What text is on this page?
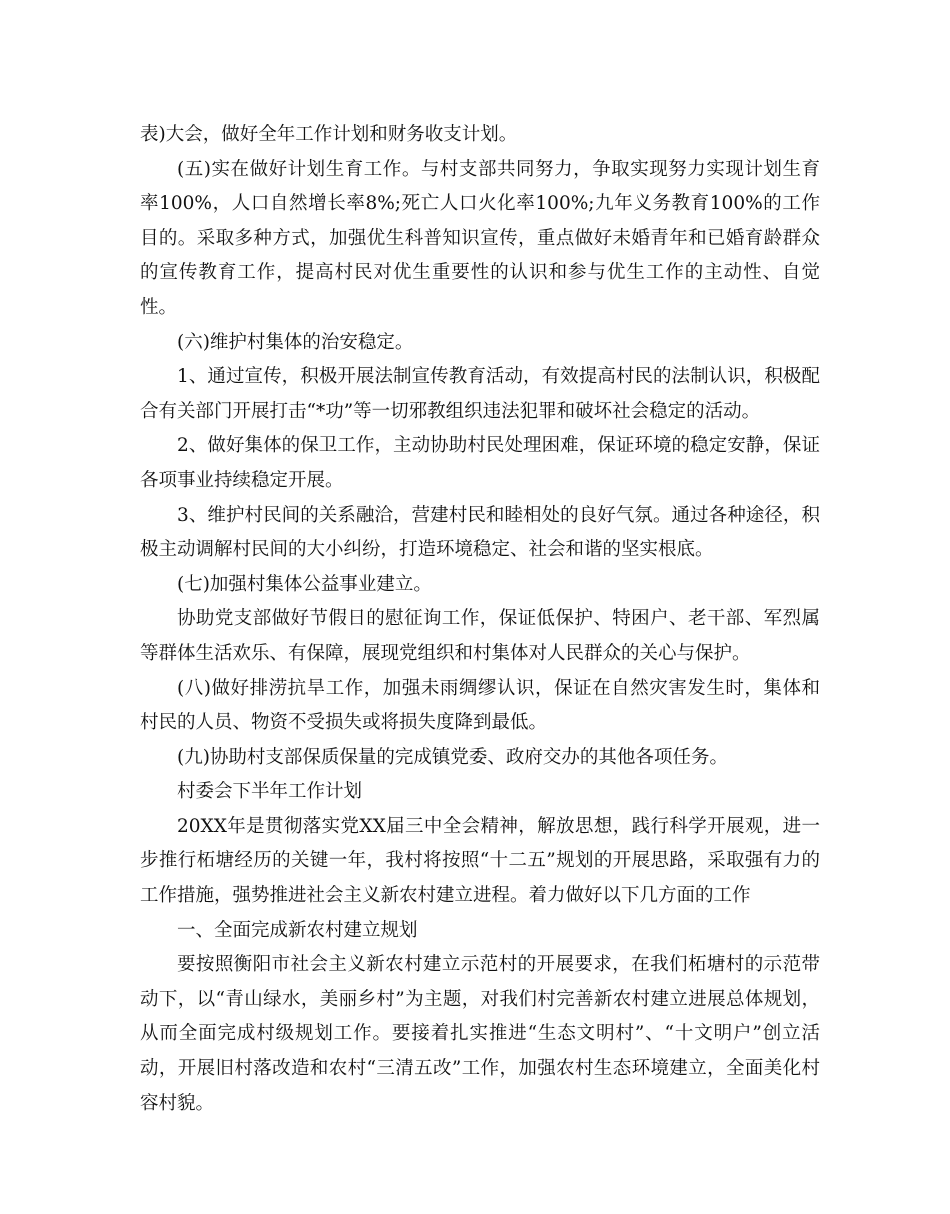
表)大会，做好全年工作计划和财务收支计划。

(五)实在做好计划生育工作。与村支部共同努力，争取实现努力实现计划生育率100%，人口自然增长率8%;死亡人口火化率100%;九年义务教育100%的工作目的。采取多种方式，加强优生科普知识宣传，重点做好未婚青年和已婚育龄群众的宣传教育工作，提高村民对优生重要性的认识和参与优生工作的主动性、自觉性。

(六)维护村集体的治安稳定。

1、通过宣传，积极开展法制宣传教育活动，有效提高村民的法制认识，积极配合有关部门开展打击“*功”等一切邪教组织违法犯罪和破坏社会稳定的活动。

2、做好集体的保卫工作，主动协助村民处理困难，保证环境的稳定安静，保证各项事业持续稳定开展。

3、维护村民间的关系融洽，营建村民和睦相处的良好气氛。通过各种途径，积极主动调解村民间的大小纠纷，打造环境稳定、社会和谐的坚实根底。

(七)加强村集体公益事业建立。

协助党支部做好节假日的慰征询工作，保证低保护、特困户、老干部、军烈属等群体生活欢乐、有保障，展现党组织和村集体对人民群众的关心与保护。

(八)做好排涝抗旱工作，加强未雨绸缪认识，保证在自然灾害发生时，集体和村民的人员、物资不受损失或将损失度降到最低。

(九)协助村支部保质保量的完成镇党委、政府交办的其他各项任务。

村委会下半年工作计划

20XX年是贯彻落实党XX届三中全会精神，解放思想，践行科学开展观，进一步推行柘塘经历的关键一年，我村将按照“十二五”规划的开展思路，采取强有力的工作措施，强势推进社会主义新农村建立进程。着力做好以下几方面的工作

一、全面完成新农村建立规划

要按照衡阳市社会主义新农村建立示范村的开展要求，在我们柘塘村的示范带动下，以“青山绿水，美丽乡村”为主题，对我们村完善新农村建立进展总体规划，从而全面完成村级规划工作。要接着扎实推进“生态文明村”、“十文明户”创立活动，开展旧村落改造和农村“三清五改”工作，加强农村生态环境建立，全面美化村容村貌。
